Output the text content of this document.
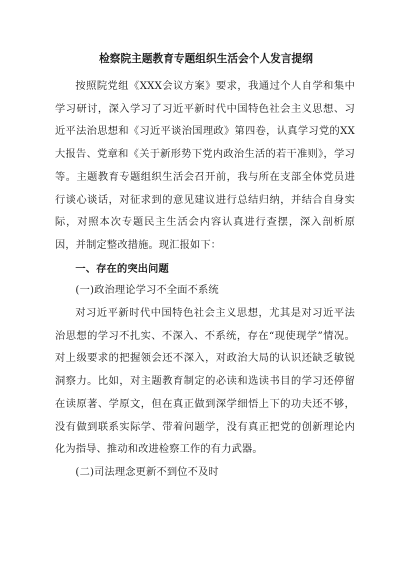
检察院主题教育专题组织生活会个人发言提纲

按照院党组《XXX会议方案》要求，我通过个人自学和集中学习研讨，深入学习了习近平新时代中国特色社会主义思想、习近平法治思想和《习近平谈治国理政》第四卷，认真学习党的XX大报告、党章和《关于新形势下党内政治生活的若干准则》，学习等。主题教育专题组织生活会召开前，我与所在支部全体党员进行谈心谈话，对征求到的意见建议进行总结归纳，并结合自身实际，对照本次专题民主生活会内容认真进行查摆，深入剖析原因，并制定整改措施。现汇报如下：

一、存在的突出问题

(一)政治理论学习不全面不系统

对习近平新时代中国特色社会主义思想，尤其是对习近平法治思想的学习不扎实、不深入、不系统，存在“现使现学”情况。对上级要求的把握领会还不深入，对政治大局的认识还缺乏敏锐洞察力。比如，对主题教育制定的必读和选读书目的学习还停留在读原著、学原文，但在真正做到深学细悟上下的功夫还不够，没有做到联系实际学、带着问题学，没有真正把党的创新理论内化为指导、推动和改进检察工作的有力武器。

(二)司法理念更新不到位不及时
